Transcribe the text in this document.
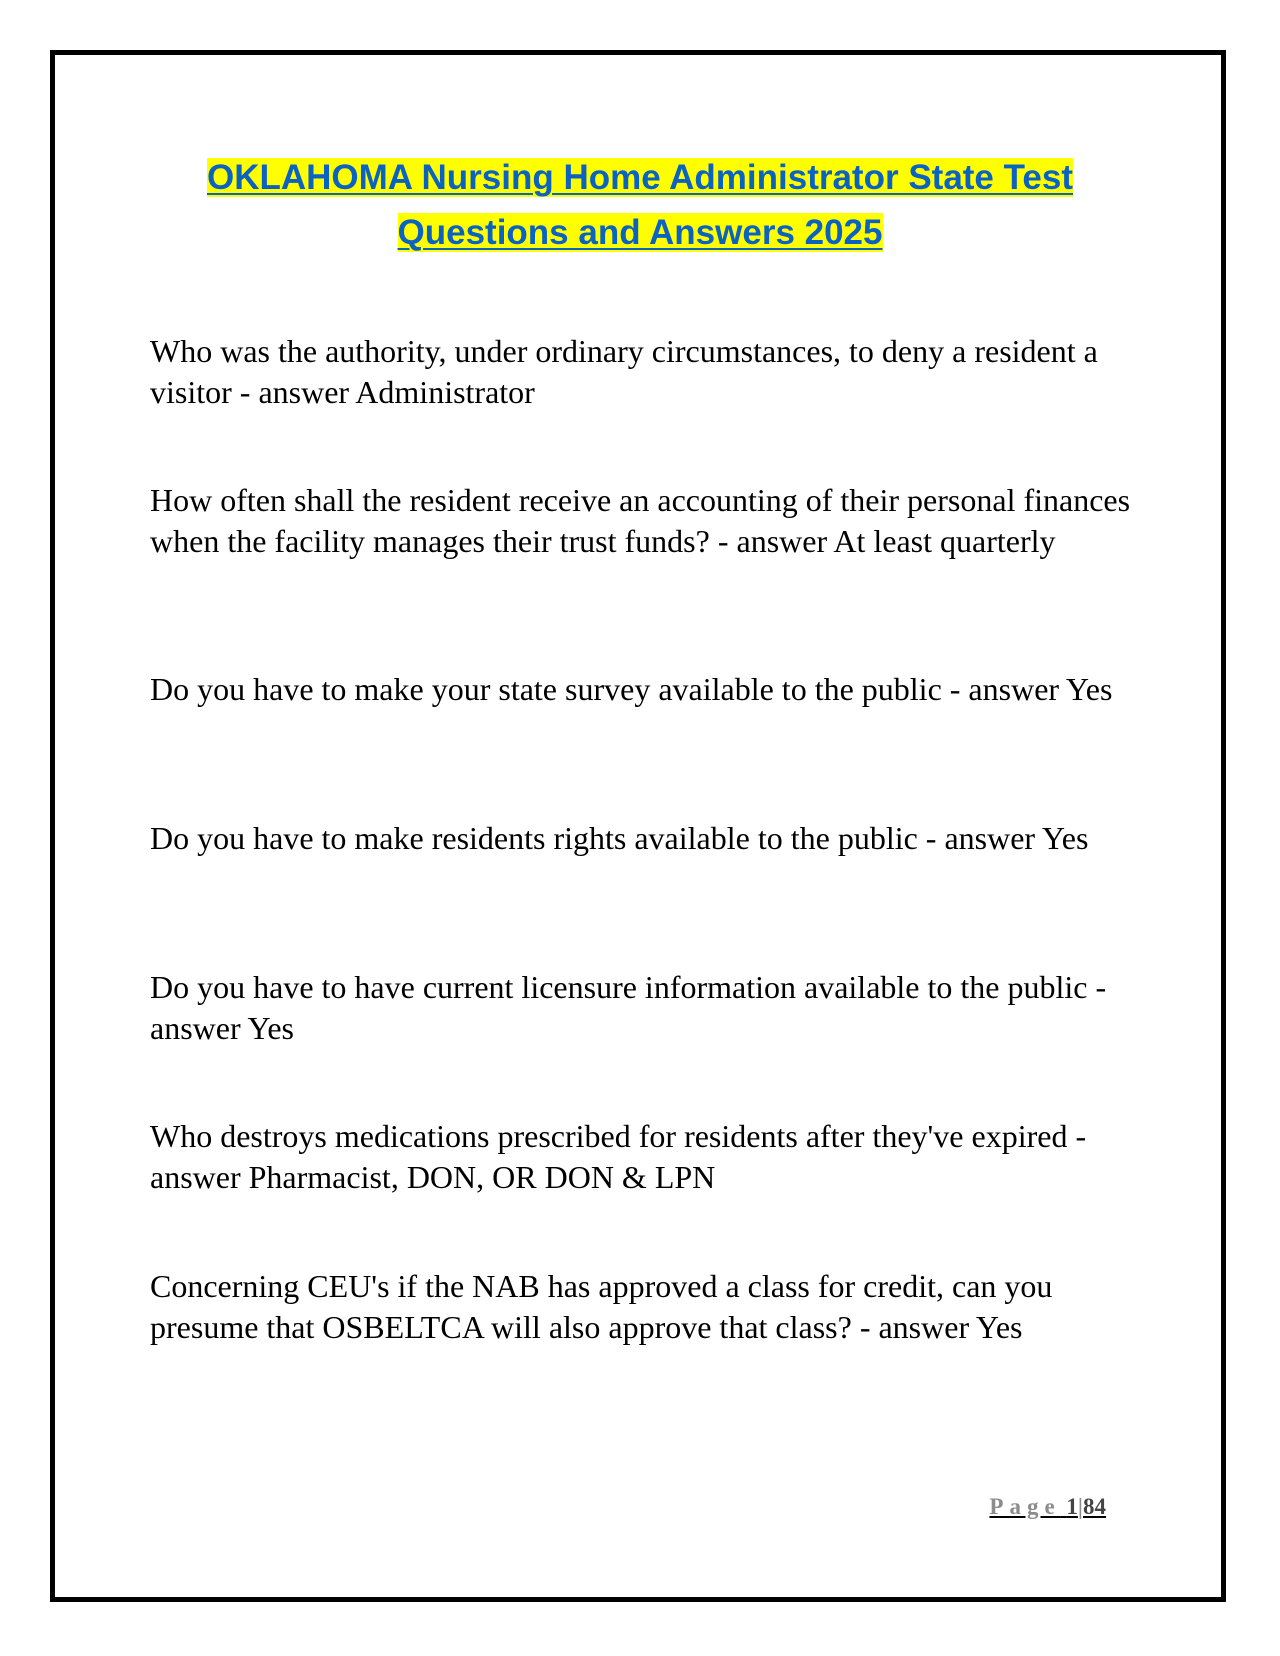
OKLAHOMA Nursing Home Administrator State Test
Questions and Answers 2025

Who was the authority, under ordinary circumstances, to deny a resident a visitor - answer Administrator

How often shall the resident receive an accounting of their personal finances when the facility manages their trust funds? - answer At least quarterly

Do you have to make your state survey available to the public - answer Yes

Do you have to make residents rights available to the public - answer Yes

Do you have to have current licensure information available to the public - answer Yes

Who destroys medications prescribed for residents after they've expired - answer Pharmacist, DON, OR DON & LPN

Concerning CEU's if the NAB has approved a class for credit, can you presume that OSBELTCA will also approve that class? - answer Yes

Page 1|84
